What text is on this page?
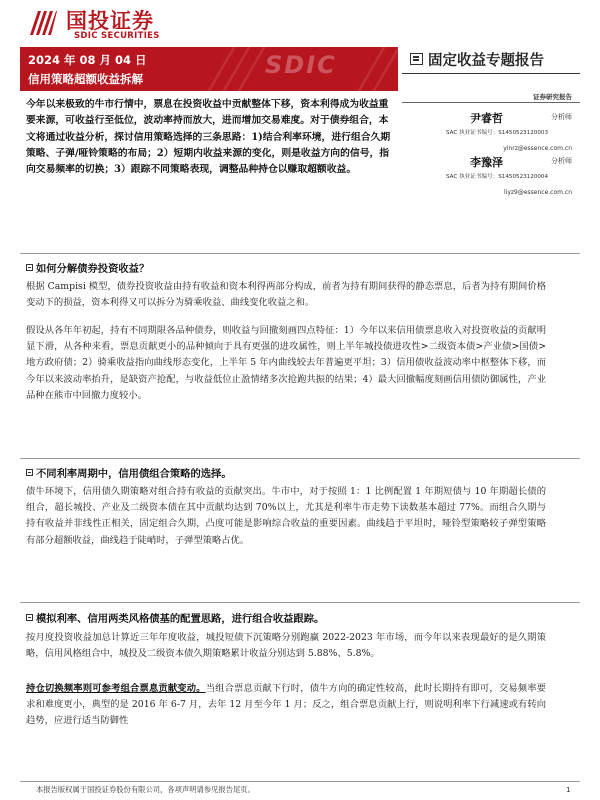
国投证券
SDIC SECURITIES
SDIC
2024 年 08 月 04 日
信用策略超额收益拆解
固定收益专题报告
今年以来极致的牛市行情中，票息在投资收益中贡献整体下移，资本利得成为收益重要来源，可收益行至低位，波动率持而放大，进而增加交易难度。对于债券组合，本文将通过收益分析，探讨信用策略选择的三条思路：1)结合利率环境，进行组合久期策略、子弹/哑铃策略的布局；2）短期内收益来源的变化，则是收益方向的信号，指向交易频率的切换；3）跟踪不同策略表现，调整品种持仓以赚取超额收益。
证券研究报告
尹睿哲	分析师
SAC 执业证书编号：S1450523120003
yinrz@essence.com.cn
李豫泽	分析师
SAC 执业证书编号：S1450523120004
liyz9@essence.com.cn
如何分解债券投资收益？
根据 Campisi 模型，债券投资收益由持有收益和资本利得两部分构成，前者为持有期间获得的静态票息，后者为持有期间价格变动下的损益，资本利得又可以拆分为骑乘收益、曲线变化收益之和。
假设从各年年初起，持有不同期限各品种债券，则收益与回撤刻画四点特征：1）今年以来信用债票息收入对投资收益的贡献明显下滑，从各种来看，票息贡献更小的品种倾向于具有更强的进攻属性，则上半年城投债进攻性>二级资本债>产业债>国债>地方政府债；2）骑乘收益指向曲线形态变化，上半年 5 年内曲线较去年普遍更平坦；3）信用债收益波动率中枢整体下移，而今年以来波动率抬升，是缺资产抢配，与收益低位止盈情绪多次抢跑共振的结果；4）最大回撤幅度刻画信用债防御属性，产业品种在熊市中回撤力度较小。
不同利率周期中，信用债组合策略的选择。
债牛环境下，信用债久期策略对组合持有收益的贡献突出。牛市中，对于按照 1：1 比例配置 1 年期短债与 10 年期超长债的组合，超长城投、产业及二级资本债在其中贡献均达到 70%以上，尤其是利率牛市走势下读数基本超过 77%。而组合久期与持有收益并非线性正相关，固定组合久期，凸度可能是影响综合收益的重要因素。曲线趋于平坦时，哑铃型策略较子弹型策略有部分超额收益，曲线趋于陡峭时，子弹型策略占优。
模拟利率、信用两类风格债基的配置思路，进行组合收益跟踪。
按月度投资收益加总计算近三年年度收益，城投短债下沉策略分别跑赢 2022-2023 年市场，而今年以来表现最好的是久期策略，信用风格组合中，城投及二级资本债久期策略累计收益分别达到 5.88%、5.8%。
持仓切换频率则可参考组合票息贡献变动。当组合票息贡献下行时，债牛方向的确定性较高，此时长期持有即可，交易频率要求和难度更小，典型的是 2016 年 6-7 月，去年 12 月至今年 1 月；反之，组合票息贡献上行，则说明利率下行减速或有转向趋势，应进行适当防御性
本报告版权属于国投证券股份有限公司，各项声明请参见报告尾页。	1
